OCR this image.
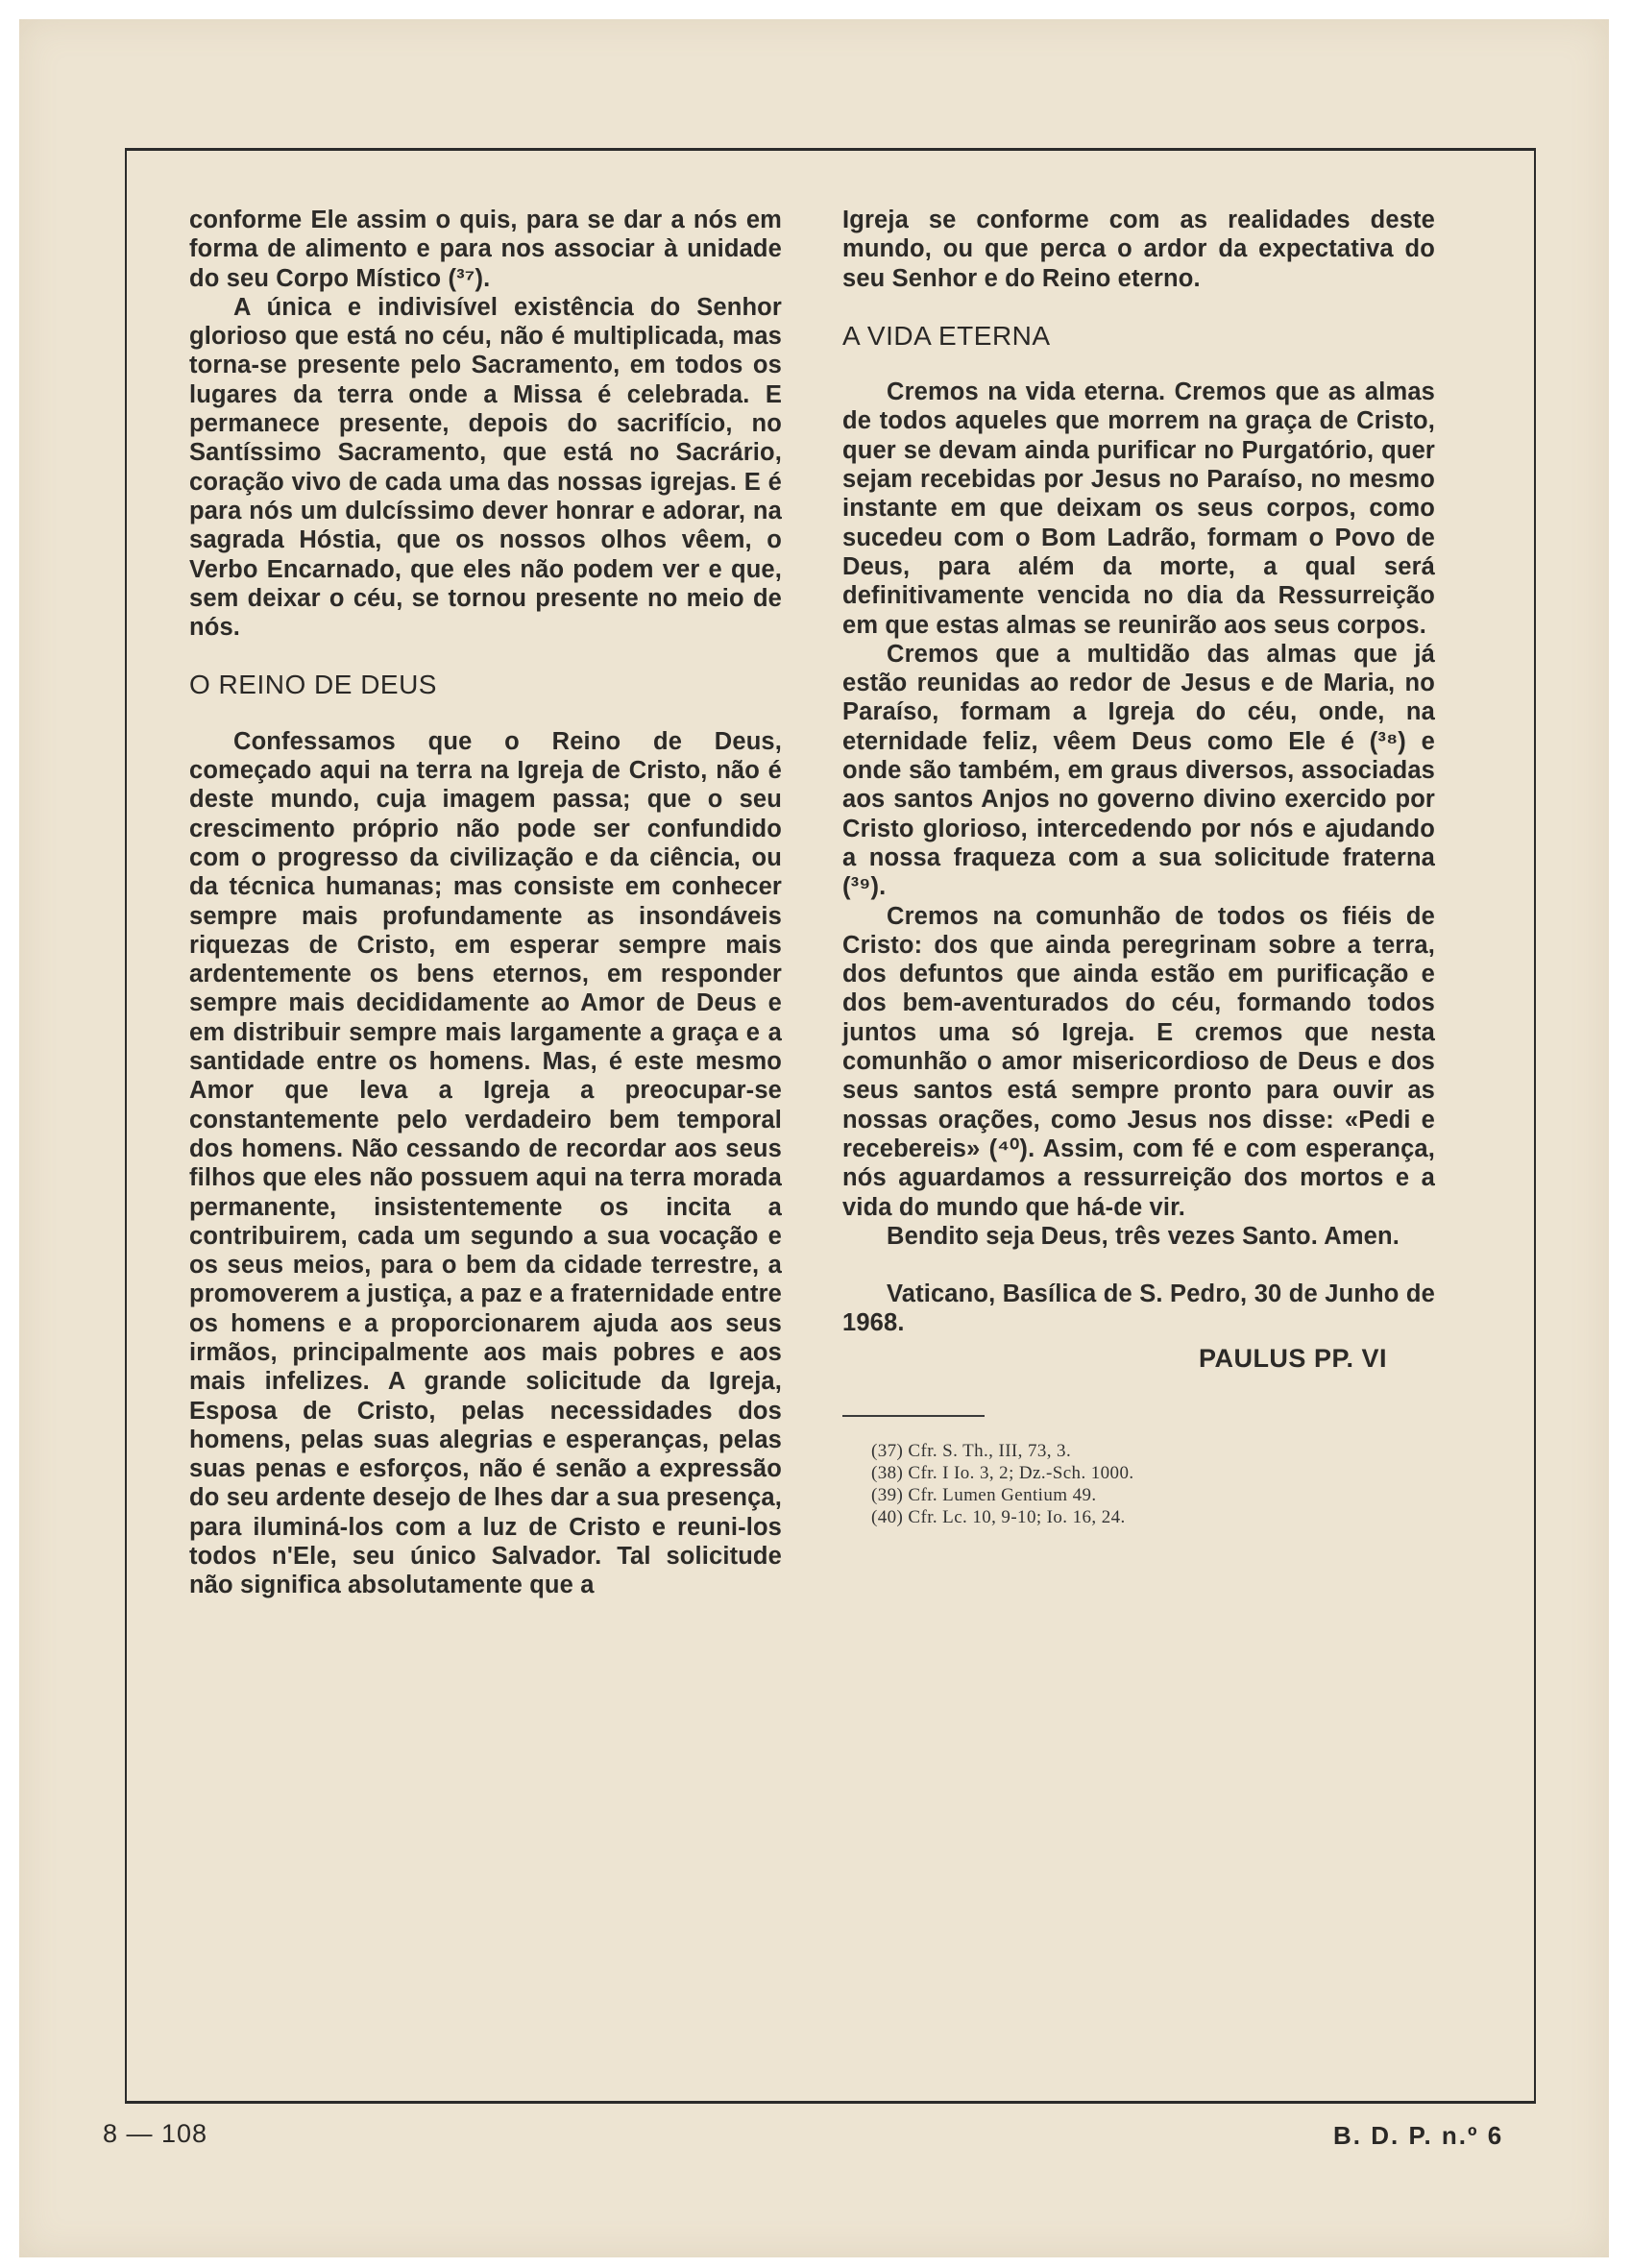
conforme Ele assim o quis, para se dar a nós em forma de alimento e para nos associar à unidade do seu Corpo Místico (³⁷).

A única e indivisível existência do Senhor glorioso que está no céu, não é multiplicada, mas torna-se presente pelo Sacramento, em todos os lugares da terra onde a Missa é celebrada. E permanece presente, depois do sacrifício, no Santíssimo Sacramento, que está no Sacrário, coração vivo de cada uma das nossas igrejas. E é para nós um dulcíssimo dever honrar e adorar, na sagrada Hóstia, que os nossos olhos vêem, o Verbo Encarnado, que eles não podem ver e que, sem deixar o céu, se tornou presente no meio de nós.

O REINO DE DEUS

Confessamos que o Reino de Deus, começado aqui na terra na Igreja de Cristo, não é deste mundo, cuja imagem passa; que o seu crescimento próprio não pode ser confundido com o progresso da civilização e da ciência, ou da técnica humanas; mas consiste em conhecer sempre mais profundamente as insondáveis riquezas de Cristo, em esperar sempre mais ardentemente os bens eternos, em responder sempre mais decididamente ao Amor de Deus e em distribuir sempre mais largamente a graça e a santidade entre os homens. Mas, é este mesmo Amor que leva a Igreja a preocupar-se constantemente pelo verdadeiro bem temporal dos homens. Não cessando de recordar aos seus filhos que eles não possuem aqui na terra morada permanente, insistentemente os incita a contribuirem, cada um segundo a sua vocação e os seus meios, para o bem da cidade terrestre, a promoverem a justiça, a paz e a fraternidade entre os homens e a proporcionarem ajuda aos seus irmãos, principalmente aos mais pobres e aos mais infelizes. A grande solicitude da Igreja, Esposa de Cristo, pelas necessidades dos homens, pelas suas alegrias e esperanças, pelas suas penas e esforços, não é senão a expressão do seu ardente desejo de lhes dar a sua presença, para iluminá-los com a luz de Cristo e reuni-los todos n'Ele, seu único Salvador. Tal solicitude não significa absolutamente que a

Igreja se conforme com as realidades deste mundo, ou que perca o ardor da expectativa do seu Senhor e do Reino eterno.

A VIDA ETERNA

Cremos na vida eterna. Cremos que as almas de todos aqueles que morrem na graça de Cristo, quer se devam ainda purificar no Purgatório, quer sejam recebidas por Jesus no Paraíso, no mesmo instante em que deixam os seus corpos, como sucedeu com o Bom Ladrão, formam o Povo de Deus, para além da morte, a qual será definitivamente vencida no dia da Ressurreição em que estas almas se reunirão aos seus corpos.

Cremos que a multidão das almas que já estão reunidas ao redor de Jesus e de Maria, no Paraíso, formam a Igreja do céu, onde, na eternidade feliz, vêem Deus como Ele é (³⁸) e onde são também, em graus diversos, associadas aos santos Anjos no governo divino exercido por Cristo glorioso, intercedendo por nós e ajudando a nossa fraqueza com a sua solicitude fraterna (³⁹).

Cremos na comunhão de todos os fiéis de Cristo: dos que ainda peregrinam sobre a terra, dos defuntos que ainda estão em purificação e dos bem-aventurados do céu, formando todos juntos uma só Igreja. E cremos que nesta comunhão o amor misericordioso de Deus e dos seus santos está sempre pronto para ouvir as nossas orações, como Jesus nos disse: «Pedi e recebereis» (⁴⁰). Assim, com fé e com esperança, nós aguardamos a ressurreição dos mortos e a vida do mundo que há-de vir.

Bendito seja Deus, três vezes Santo. Amen.

Vaticano, Basílica de S. Pedro, 30 de Junho de 1968.

PAULUS PP. VI
(37) Cfr. S. Th., III, 73, 3.
(38) Cfr. I Io. 3, 2; Dz.-Sch. 1000.
(39) Cfr. Lumen Gentium 49.
(40) Cfr. Lc. 10, 9-10; Io. 16, 24.
8 — 108	B. D. P. n.º 6
